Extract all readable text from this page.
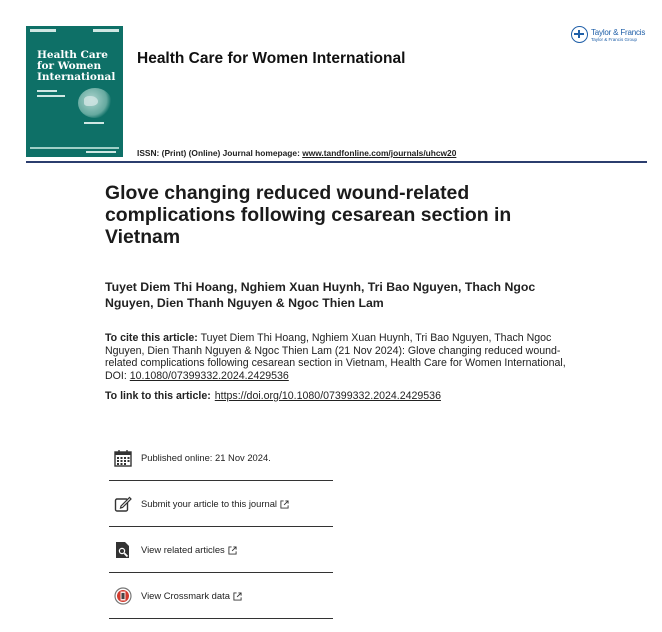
Health Care for Women International
Health Care for Women International
Taylor & Francis
Taylor & Francis Group
ISSN: (Print) (Online) Journal homepage: www.tandfonline.com/journals/uhcw20
Glove changing reduced wound-related complications following cesarean section in Vietnam
Tuyet Diem Thi Hoang, Nghiem Xuan Huynh, Tri Bao Nguyen, Thach Ngoc Nguyen, Dien Thanh Nguyen & Ngoc Thien Lam
To cite this article: Tuyet Diem Thi Hoang, Nghiem Xuan Huynh, Tri Bao Nguyen, Thach Ngoc Nguyen, Dien Thanh Nguyen & Ngoc Thien Lam (21 Nov 2024): Glove changing reduced wound-related complications following cesarean section in Vietnam, Health Care for Women International, DOI: 10.1080/07399332.2024.2429536
To link to this article: https://doi.org/10.1080/07399332.2024.2429536
Published online: 21 Nov 2024.
Submit your article to this journal
View related articles
View Crossmark data
